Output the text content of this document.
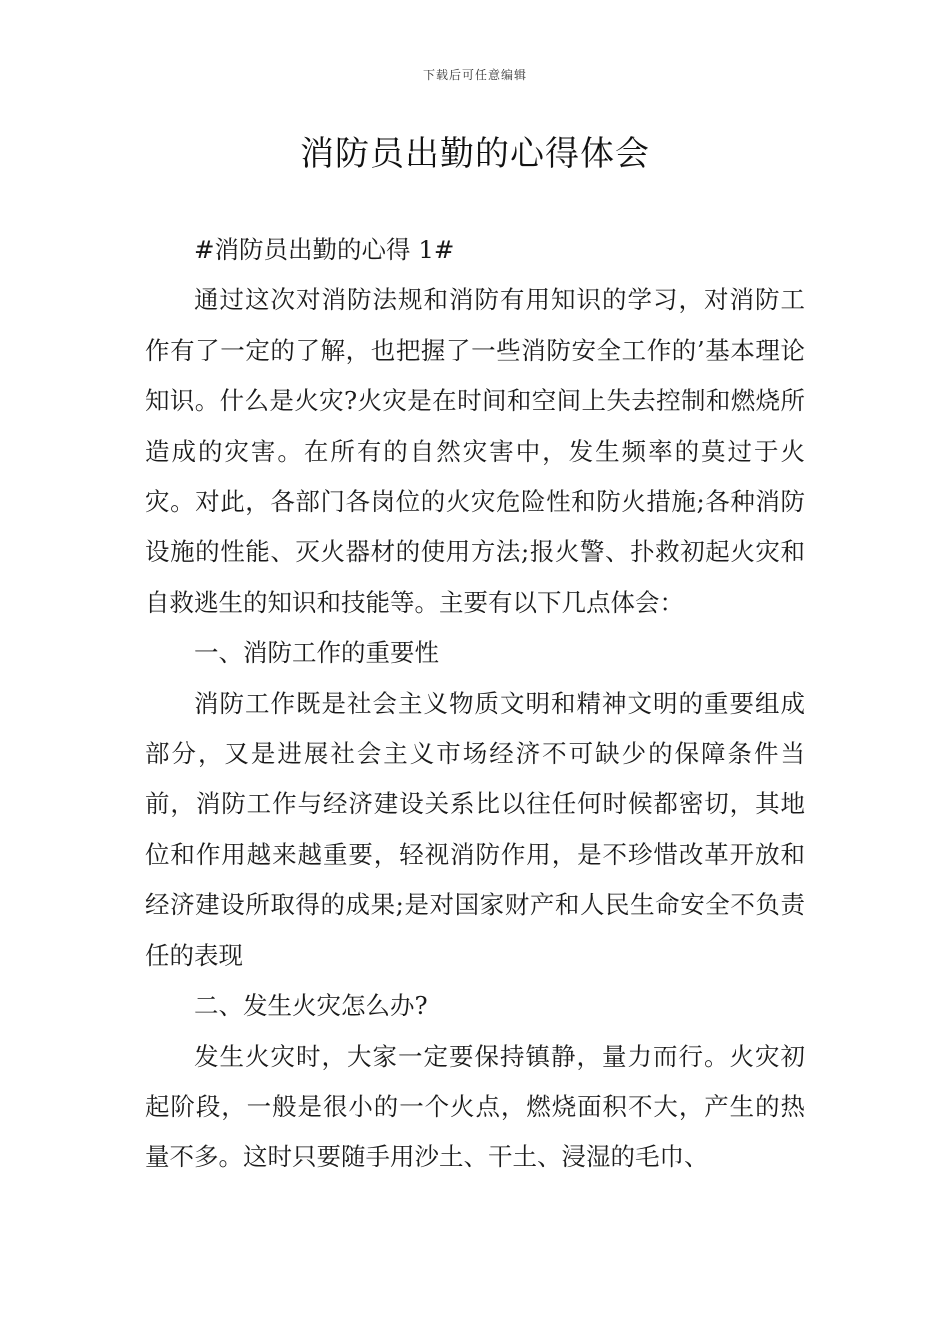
下载后可任意编辑
消防员出勤的心得体会

#消防员出勤的心得 1#

通过这次对消防法规和消防有用知识的学习，对消防工作有了一定的了解，也把握了一些消防安全工作的’基本理论知识。什么是火灾?火灾是在时间和空间上失去控制和燃烧所造成的灾害。在所有的自然灾害中，发生频率的莫过于火灾。对此，各部门各岗位的火灾危险性和防火措施;各种消防设施的性能、灭火器材的使用方法;报火警、扑救初起火灾和自救逃生的知识和技能等。主要有以下几点体会：

一、消防工作的重要性

消防工作既是社会主义物质文明和精神文明的重要组成部分，又是进展社会主义市场经济不可缺少的保障条件当前，消防工作与经济建设关系比以往任何时候都密切，其地位和作用越来越重要，轻视消防作用，是不珍惜改革开放和经济建设所取得的成果;是对国家财产和人民生命安全不负责任的表现

二、发生火灾怎么办?

发生火灾时，大家一定要保持镇静，量力而行。火灾初起阶段，一般是很小的一个火点，燃烧面积不大，产生的热量不多。这时只要随手用沙土、干土、浸湿的毛巾、
